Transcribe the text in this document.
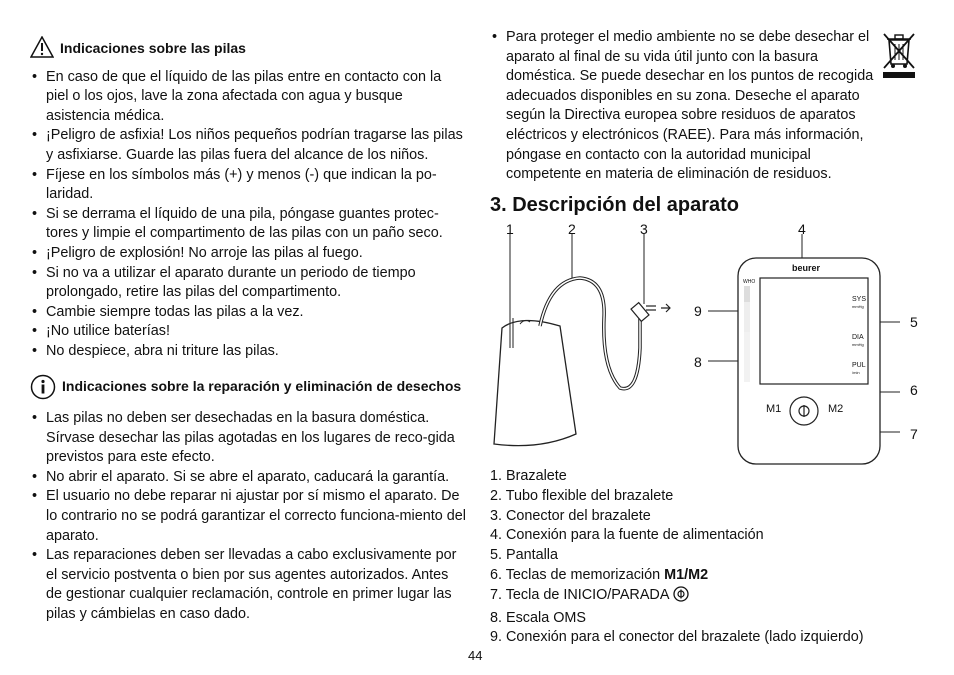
Indicaciones sobre las pilas
• En caso de que el líquido de las pilas entre en contacto con la piel o los ojos, lave la zona afectada con agua y busque asistencia médica.
• ¡Peligro de asfixia! Los niños pequeños podrían tragarse las pilas y asfixiarse. Guarde las pilas fuera del alcance de los niños.
• Fíjese en los símbolos más (+) y menos (-) que indican la po-laridad.
• Si se derrama el líquido de una pila, póngase guantes protec-tores y limpie el compartimento de las pilas con un paño seco.
• ¡Peligro de explosión! No arroje las pilas al fuego.
• Si no va a utilizar el aparato durante un periodo de tiempo prolongado, retire las pilas del compartimento.
• Cambie siempre todas las pilas a la vez.
• ¡No utilice baterías!
• No despiece, abra ni triture las pilas.
Indicaciones sobre la reparación y eliminación de desechos
• Las pilas no deben ser desechadas en la basura doméstica. Sírvase desechar las pilas agotadas en los lugares de reco-gida previstos para este efecto.
• No abrir el aparato. Si se abre el aparato, caducará la garantía.
• El usuario no debe reparar ni ajustar por sí mismo el aparato. De lo contrario no se podrá garantizar el correcto funciona-miento del aparato.
• Las reparaciones deben ser llevadas a cabo exclusivamente por el servicio postventa o bien por sus agentes autorizados. Antes de gestionar cualquier reclamación, controle en primer lugar las pilas y cámbielas en caso dado.
• Para proteger el medio ambiente no se debe desechar el aparato al final de su vida útil junto con la basura doméstica. Se puede desechar en los puntos de recogida adecuados disponibles en su zona. Deseche el aparato según la Directiva europea sobre residuos de aparatos eléctricos y electrónicos (RAEE). Para más información, póngase en contacto con la autoridad municipal competente en materia de eliminación de residuos.
3. Descripción del aparato
1	2	3	4
5
6
7
8
9
beurer
WHO
SYS
mmHg
DIA
mmHg
PUL
/min
M1	M2
1. Brazalete
2. Tubo flexible del brazalete
3. Conector del brazalete
4. Conexión para la fuente de alimentación
5. Pantalla
6. Teclas de memorización M1/M2
7. Tecla de INICIO/PARADA
8. Escala OMS
9. Conexión para el conector del brazalete (lado izquierdo)
44
